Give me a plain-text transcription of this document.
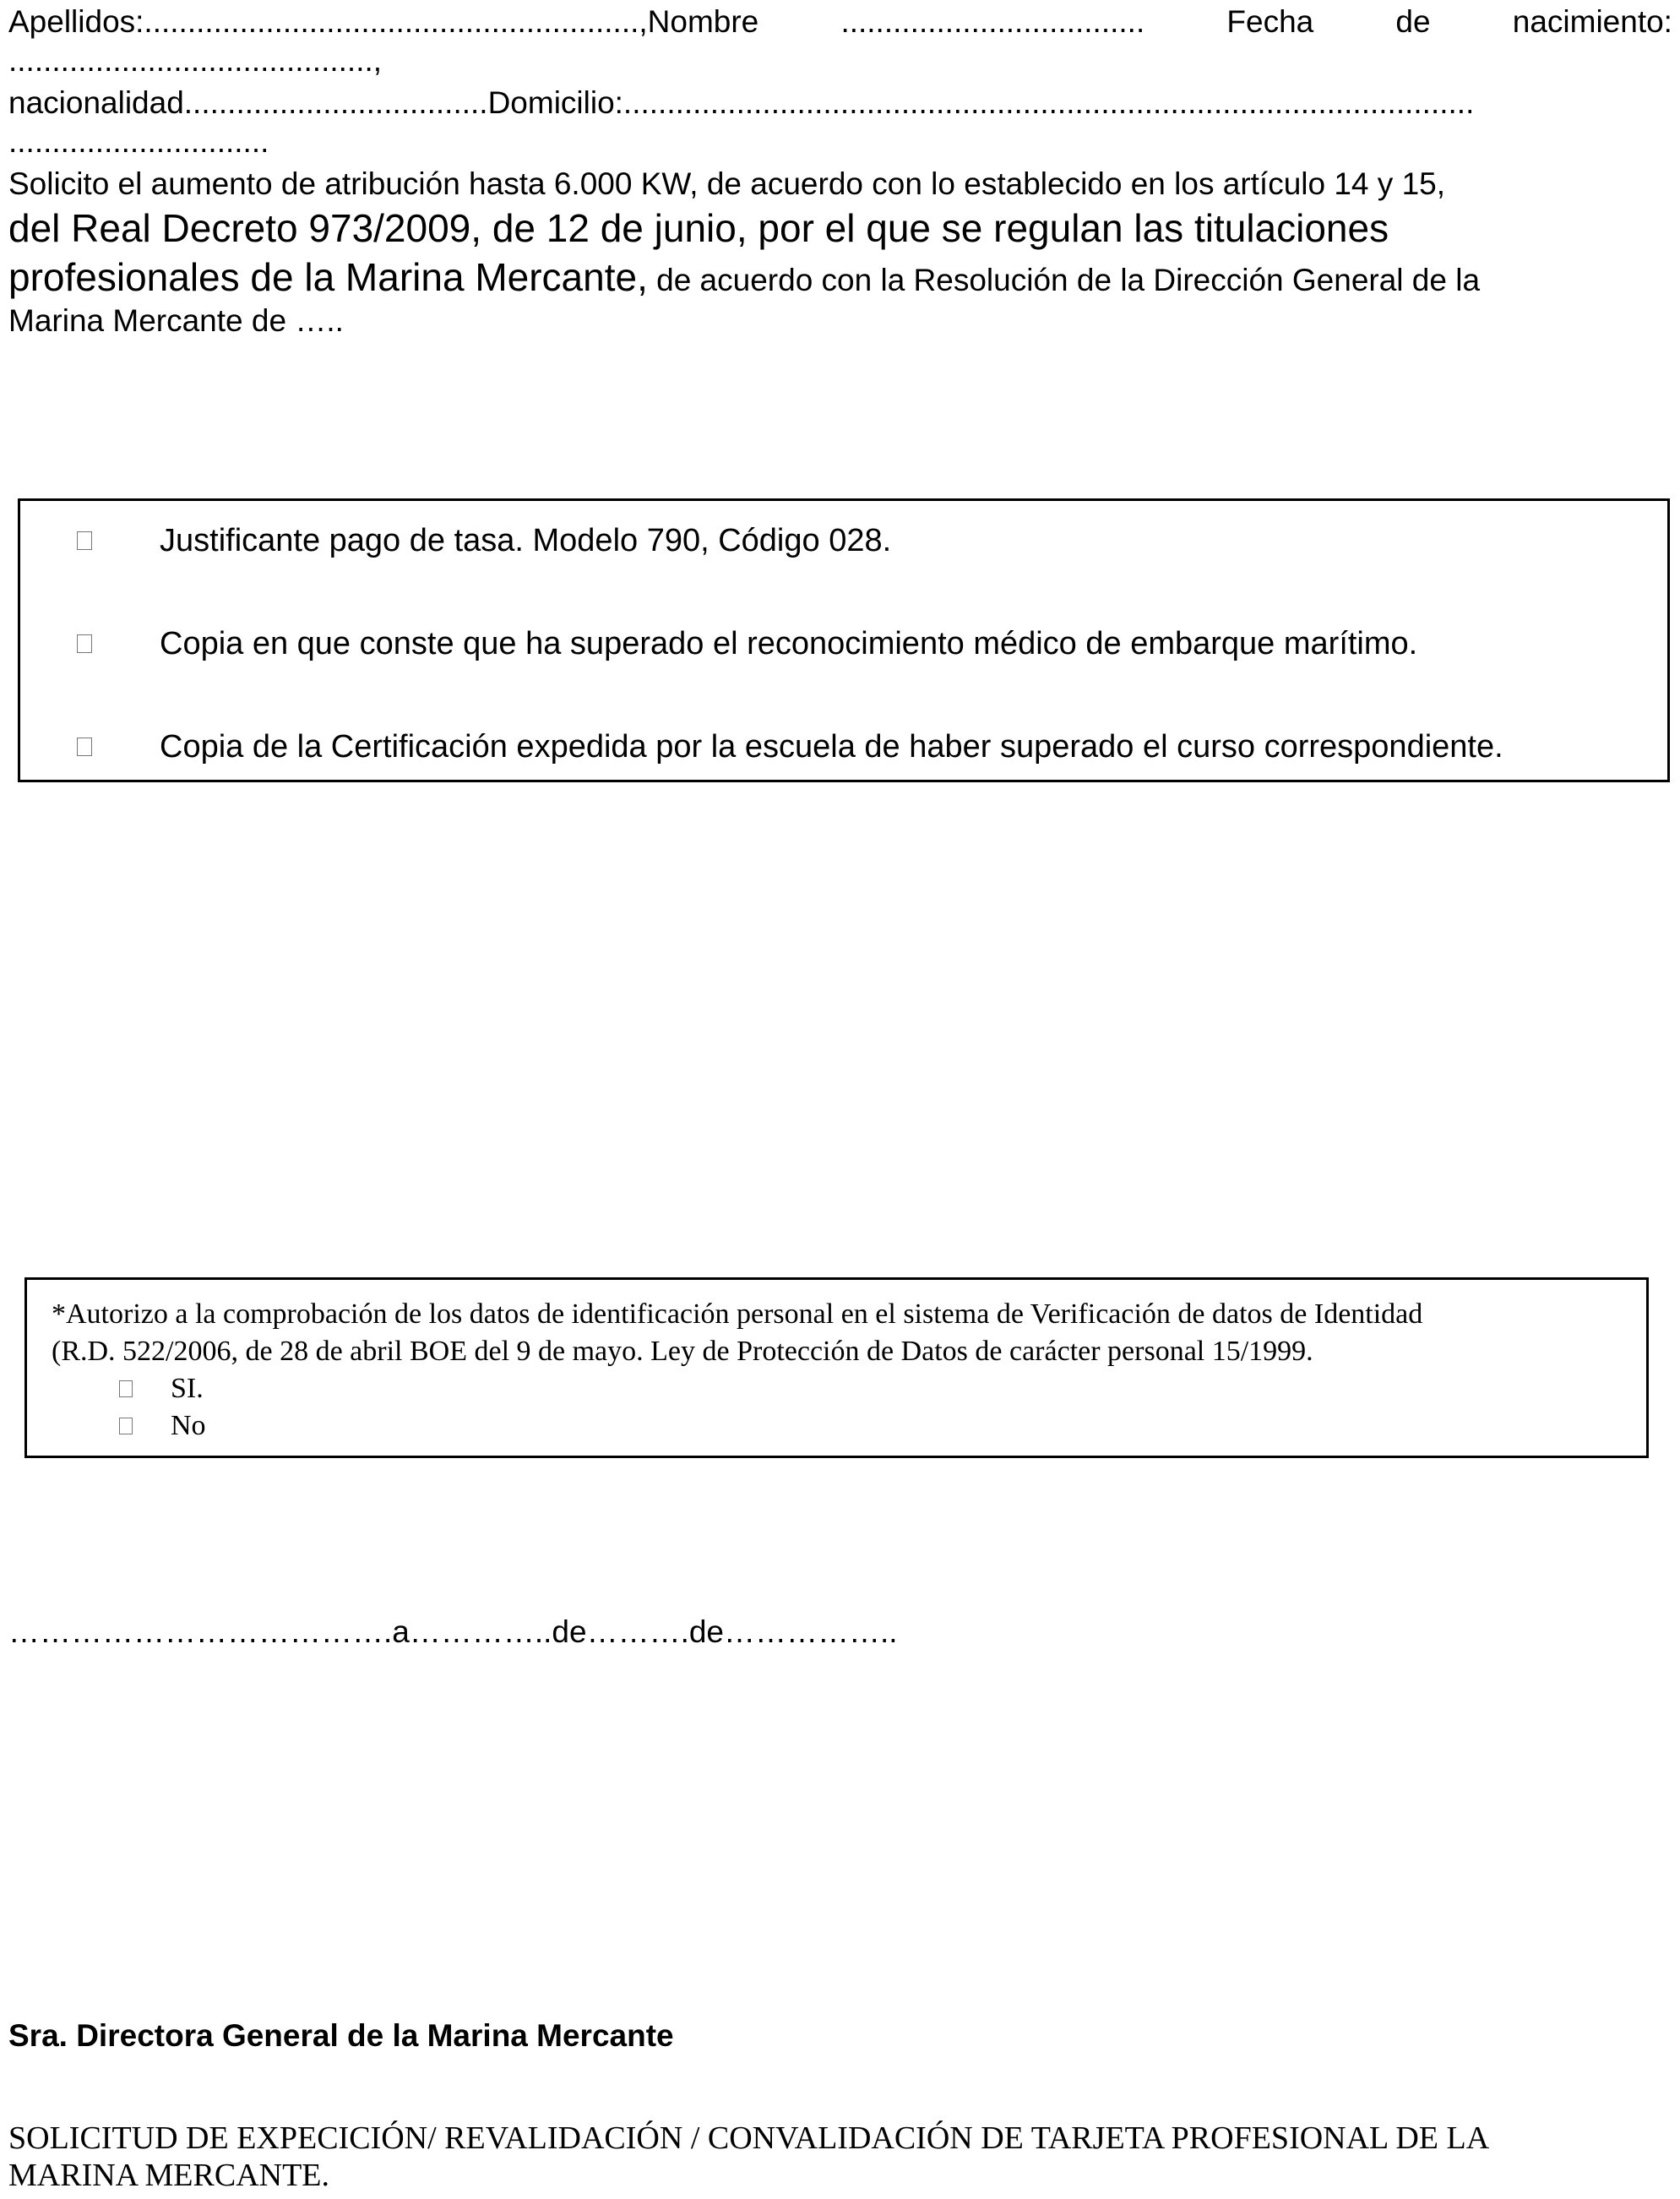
Apellidos:.........................................................,Nombre	...................................	Fecha	de	nacimiento:
..........................................,
nacionalidad...................................Domicilio:..................................................................................................
..............................
Solicito el aumento de atribución hasta 6.000 KW, de acuerdo con lo establecido en los artículo 14 y 15,
del Real Decreto 973/2009, de 12 de junio, por el que se regulan las titulaciones
profesionales de la Marina Mercante, de acuerdo con la Resolución de la Dirección General de la
Marina Mercante de …..
Justificante pago de tasa. Modelo 790, Código 028.
Copia en que conste que ha superado el reconocimiento médico de embarque marítimo.
Copia de la Certificación expedida por la escuela de haber superado el curso correspondiente.
*Autorizo a la comprobación de los datos de identificación personal en el sistema de Verificación de datos de Identidad
(R.D. 522/2006, de 28 de abril BOE del 9 de mayo. Ley de Protección de Datos de carácter personal 15/1999.
SI.
No
……………………………….a…………..de……….de……………..
Sra. Directora General de la Marina Mercante
SOLICITUD DE EXPECICIÓN/ REVALIDACIÓN / CONVALIDACIÓN DE TARJETA PROFESIONAL DE LA
MARINA MERCANTE.
